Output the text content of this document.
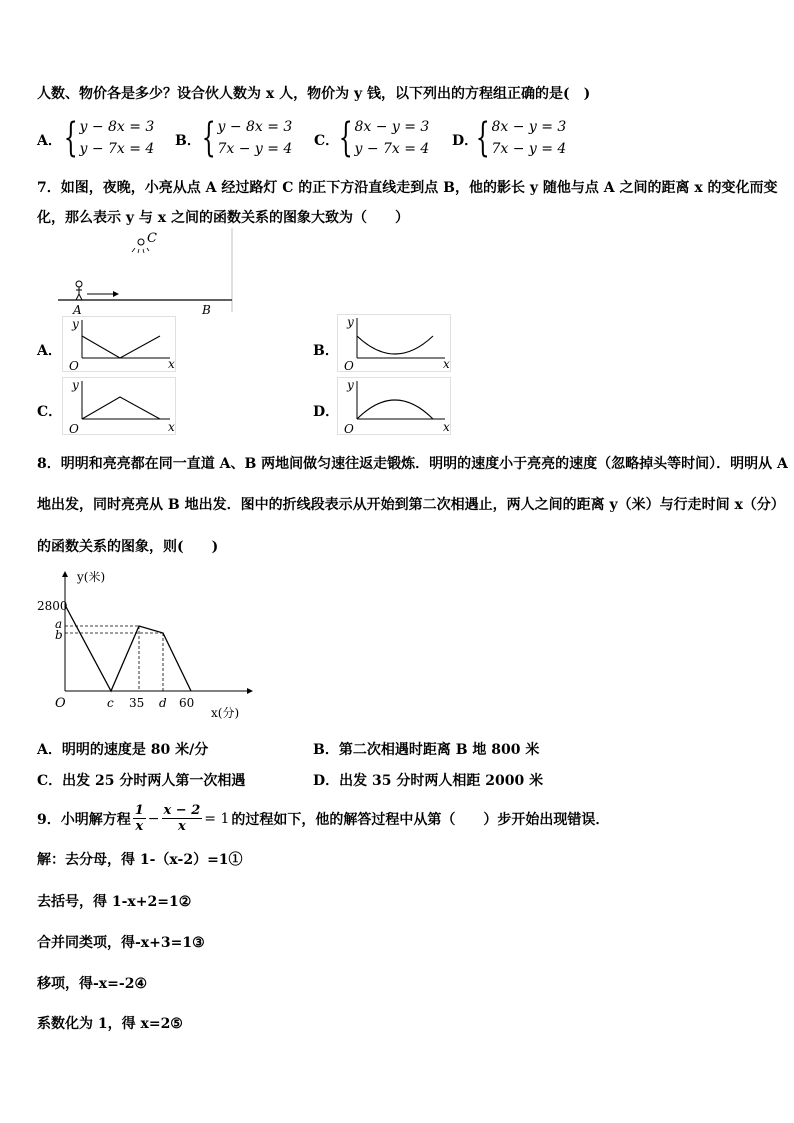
人数、物价各是多少？设合伙人数为 x 人，物价为 y 钱，以下列出的方程组正确的是(　)
A． { y − 8x = 3
y − 7x = 4 B． { y − 8x = 3
7x − y = 4 C． { 8x − y = 3
y − 7x = 4 D．
{ 8x − y = 3
7x − y = 4
7．如图，夜晚，小亮从点 A 经过路灯 C 的正下方沿直线走到点 B，他的影长 y 随他与点 A 之间的距离 x 的变化而变
化，那么表示 y 与 x 之间的函数关系的图象大致为（　　）
C
A	B
A．
y
O	x
B．
y
O	x
C．
y
O	x
D．
y
O	x
8．明明和亮亮都在同一直道 A、B 两地间做匀速往返走锻炼．明明的速度小于亮亮的速度（忽略掉头等时间）．明明从 A
地出发，同时亮亮从 B 地出发．图中的折线段表示从开始到第二次相遇止，两人之间的距离 y（米）与行走时间 x（分）
的函数关系的图象，则(　　)
y(米)
x(分)
O
2800
a
b
c 35 d 60
A．明明的速度是 80 米/分	B．第二次相遇时距离 B 地 800 米
C．出发 25 分时两人第一次相遇	D．出发 35 分时两人相距 2000 米
9．小明解方程 $\frac{1}{x} - \frac{x - 2}{x} = 1$ 的过程如下，他的解答过程中从第（　　）步开始出现错误．
解：去分母，得 1-（x-2）=1①
去括号，得 1-x+2=1②
合并同类项，得-x+3=1③
移项，得-x=-2④
系数化为 1，得 x=2⑤
